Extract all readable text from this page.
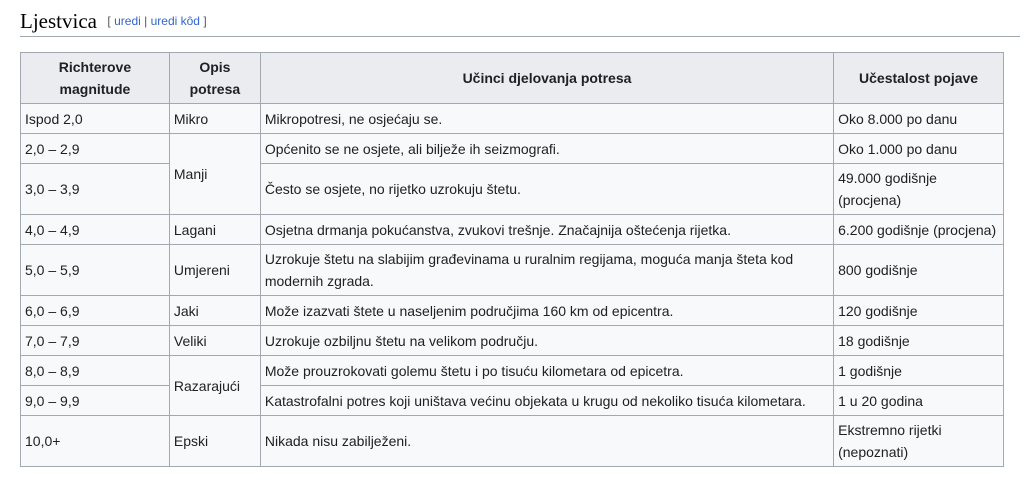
Ljestvica [ uredi | uredi kôd ]
Richterove magnitude	Opis potresa	Učinci djelovanja potresa	Učestalost pojave
Ispod 2,0	Mikro	Mikropotresi, ne osjećaju se.	Oko 8.000 po danu
2,0 – 2,9	Manji	Općenito se ne osjete, ali bilježe ih seizmografi.	Oko 1.000 po danu
3,0 – 3,9		Često se osjete, no rijetko uzrokuju štetu.	49.000 godišnje (procjena)
4,0 – 4,9	Lagani	Osjetna drmanja pokućanstva, zvukovi trešnje. Značajnija oštećenja rijetka.	6.200 godišnje (procjena)
5,0 – 5,9	Umjereni	Uzrokuje štetu na slabijim građevinama u ruralnim regijama, moguća manja šteta kod modernih zgrada.	800 godišnje
6,0 – 6,9	Jaki	Može izazvati štete u naseljenim područjima 160 km od epicentra.	120 godišnje
7,0 – 7,9	Veliki	Uzrokuje ozbiljnu štetu na velikom području.	18 godišnje
8,0 – 8,9	Razarajući	Može prouzrokovati golemu štetu i po tisuću kilometara od epicetra.	1 godišnje
9,0 – 9,9		Katastrofalni potres koji uništava većinu objekata u krugu od nekoliko tisuća kilometara.	1 u 20 godina
10,0+	Epski	Nikada nisu zabilježeni.	Ekstremno rijetki (nepoznati)
